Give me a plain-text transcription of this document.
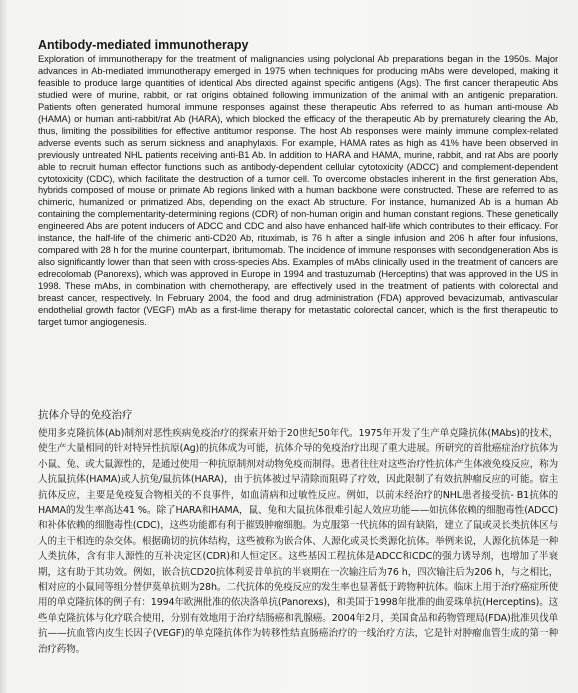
Antibody-mediated immunotherapy

Exploration of immunotherapy for the treatment of malignancies using polyclonal Ab preparations began in the 1950s. Major advances in Ab-mediated immunotherapy emerged in 1975 when techniques for producing mAbs were developed, making it feasible to produce large quantities of identical Abs directed against specific antigens (Ags). The first cancer therapeutic Abs studied were of murine, rabbit, or rat origins obtained following immunization of the animal with an antigenic preparation. Patients often generated humoral immune responses against these therapeutic Abs referred to as human anti-mouse Ab (HAMA) or human anti-rabbit/rat Ab (HARA), which blocked the efficacy of the therapeutic Ab by prematurely clearing the Ab, thus, limiting the possibilities for effective antitumor response. The host Ab responses were mainly immune complex-related adverse events such as serum sickness and anaphylaxis. For example, HAMA rates as high as 41% have been observed in previously untreated NHL patients receiving anti-B1 Ab. In addition to HARA and HAMA, murine, rabbit, and rat Abs are poorly able to recruit human effector functions such as antibody-dependent cellular cytotoxicity (ADCC) and complement-dependent cytotoxicity (CDC), which facilitate the destruction of a tumor cell. To overcome obstacles inherent in the first generation Abs, hybrids composed of mouse or primate Ab regions linked with a human backbone were constructed. These are referred to as chimeric, humanized or primatized Abs, depending on the exact Ab structure. For instance, humanized Ab is a human Ab containing the complementarity-determining regions (CDR) of non-human origin and human constant regions. These genetically engineered Abs are potent inducers of ADCC and CDC and also have enhanced half-life which contributes to their efficacy. For instance, the half-life of the chimeric anti-CD20 Ab, rituximab, is 76 h after a single infusion and 206 h after four infusions, compared with 28 h for the murine counterpart, ibritumomab. The incidence of immune responses with secondgeneration Abs is also significantly lower than that seen with cross-species Abs. Examples of mAbs clinically used in the treatment of cancers are edrecolomab (Panorexs), which was approved in Europe in 1994 and trastuzumab (Herceptins) that was approved in the US in 1998. These mAbs, in combination with chemotherapy, are effectively used in the treatment of patients with colorectal and breast cancer, respectively. In February 2004, the food and drug administration (FDA) approved bevacizumab, antivascular endothelial growth factor (VEGF) mAb as a first-lime therapy for metastatic colorectal cancer, which is the first therapeutic to target tumor angiogenesis.

抗体介导的免疫治疗

使用多克隆抗体(Ab)制剂对恶性疾病免疫治疗的探索开始于20世纪50年代。1975年开发了生产单克隆抗体(MAbs)的技术，使生产大量相同的针对特异性抗原(Ag)的抗体成为可能，抗体介导的免疫治疗出现了重大进展。所研究的首批癌症治疗抗体为小鼠、兔、或大鼠源性的，是通过使用一种抗原制剂对动物免疫而制得。患者往往对这些治疗性抗体产生体液免疫反应，称为人抗鼠抗体(HAMA)或人抗兔/鼠抗体(HARA)，由于抗体被过早清除而阻碍了疗效，因此限制了有效抗肿瘤反应的可能。宿主抗体反应，主要是免疫复合物相关的不良事件，如血清病和过敏性反应。例如，以前未经治疗的NHL患者接受抗- B1抗体的HAMA的发生率高达41 %。除了HARA和HAMA，鼠、兔和大鼠抗体很难引起人效应功能——如抗体依赖的细胞毒性(ADCC)和补体依赖的细胞毒性(CDC)，这些功能都有利于摧毁肿瘤细胞。为克服第一代抗体的固有缺陷，建立了鼠或灵长类抗体区与人的主干相连的杂交体。根据确切的抗体结构，这些被称为嵌合体、人源化或灵长类源化抗体。举例来说，人源化抗体是一种人类抗体，含有非人源性的互补决定区(CDR)和人恒定区。这些基因工程抗体是ADCC和CDC的强力诱导剂，也增加了半衰期，这有助于其功效。例如，嵌合抗CD20抗体利妥昔单抗的半衰期在一次输注后为76 h，四次输注后为206 h，与之相比，相对应的小鼠同等组分替伊莫单抗则为28h。二代抗体的免疫反应的发生率也显著低于跨物种抗体。临床上用于治疗癌症所使用的单克隆抗体的例子有：1994年欧洲批准的依决洛单抗(Panorexs)，和美国于1998年批准的曲妥珠单抗(Herceptins)。这些单克隆抗体与化疗联合使用，分别有效地用于治疗结肠癌和乳腺癌。2004年2月，美国食品和药物管理局(FDA)批准贝伐单抗——抗血管内皮生长因子(VEGF)的单克隆抗体作为转移性结直肠癌治疗的一线治疗方法，它是针对肿瘤血管生成的第一种治疗药物。
